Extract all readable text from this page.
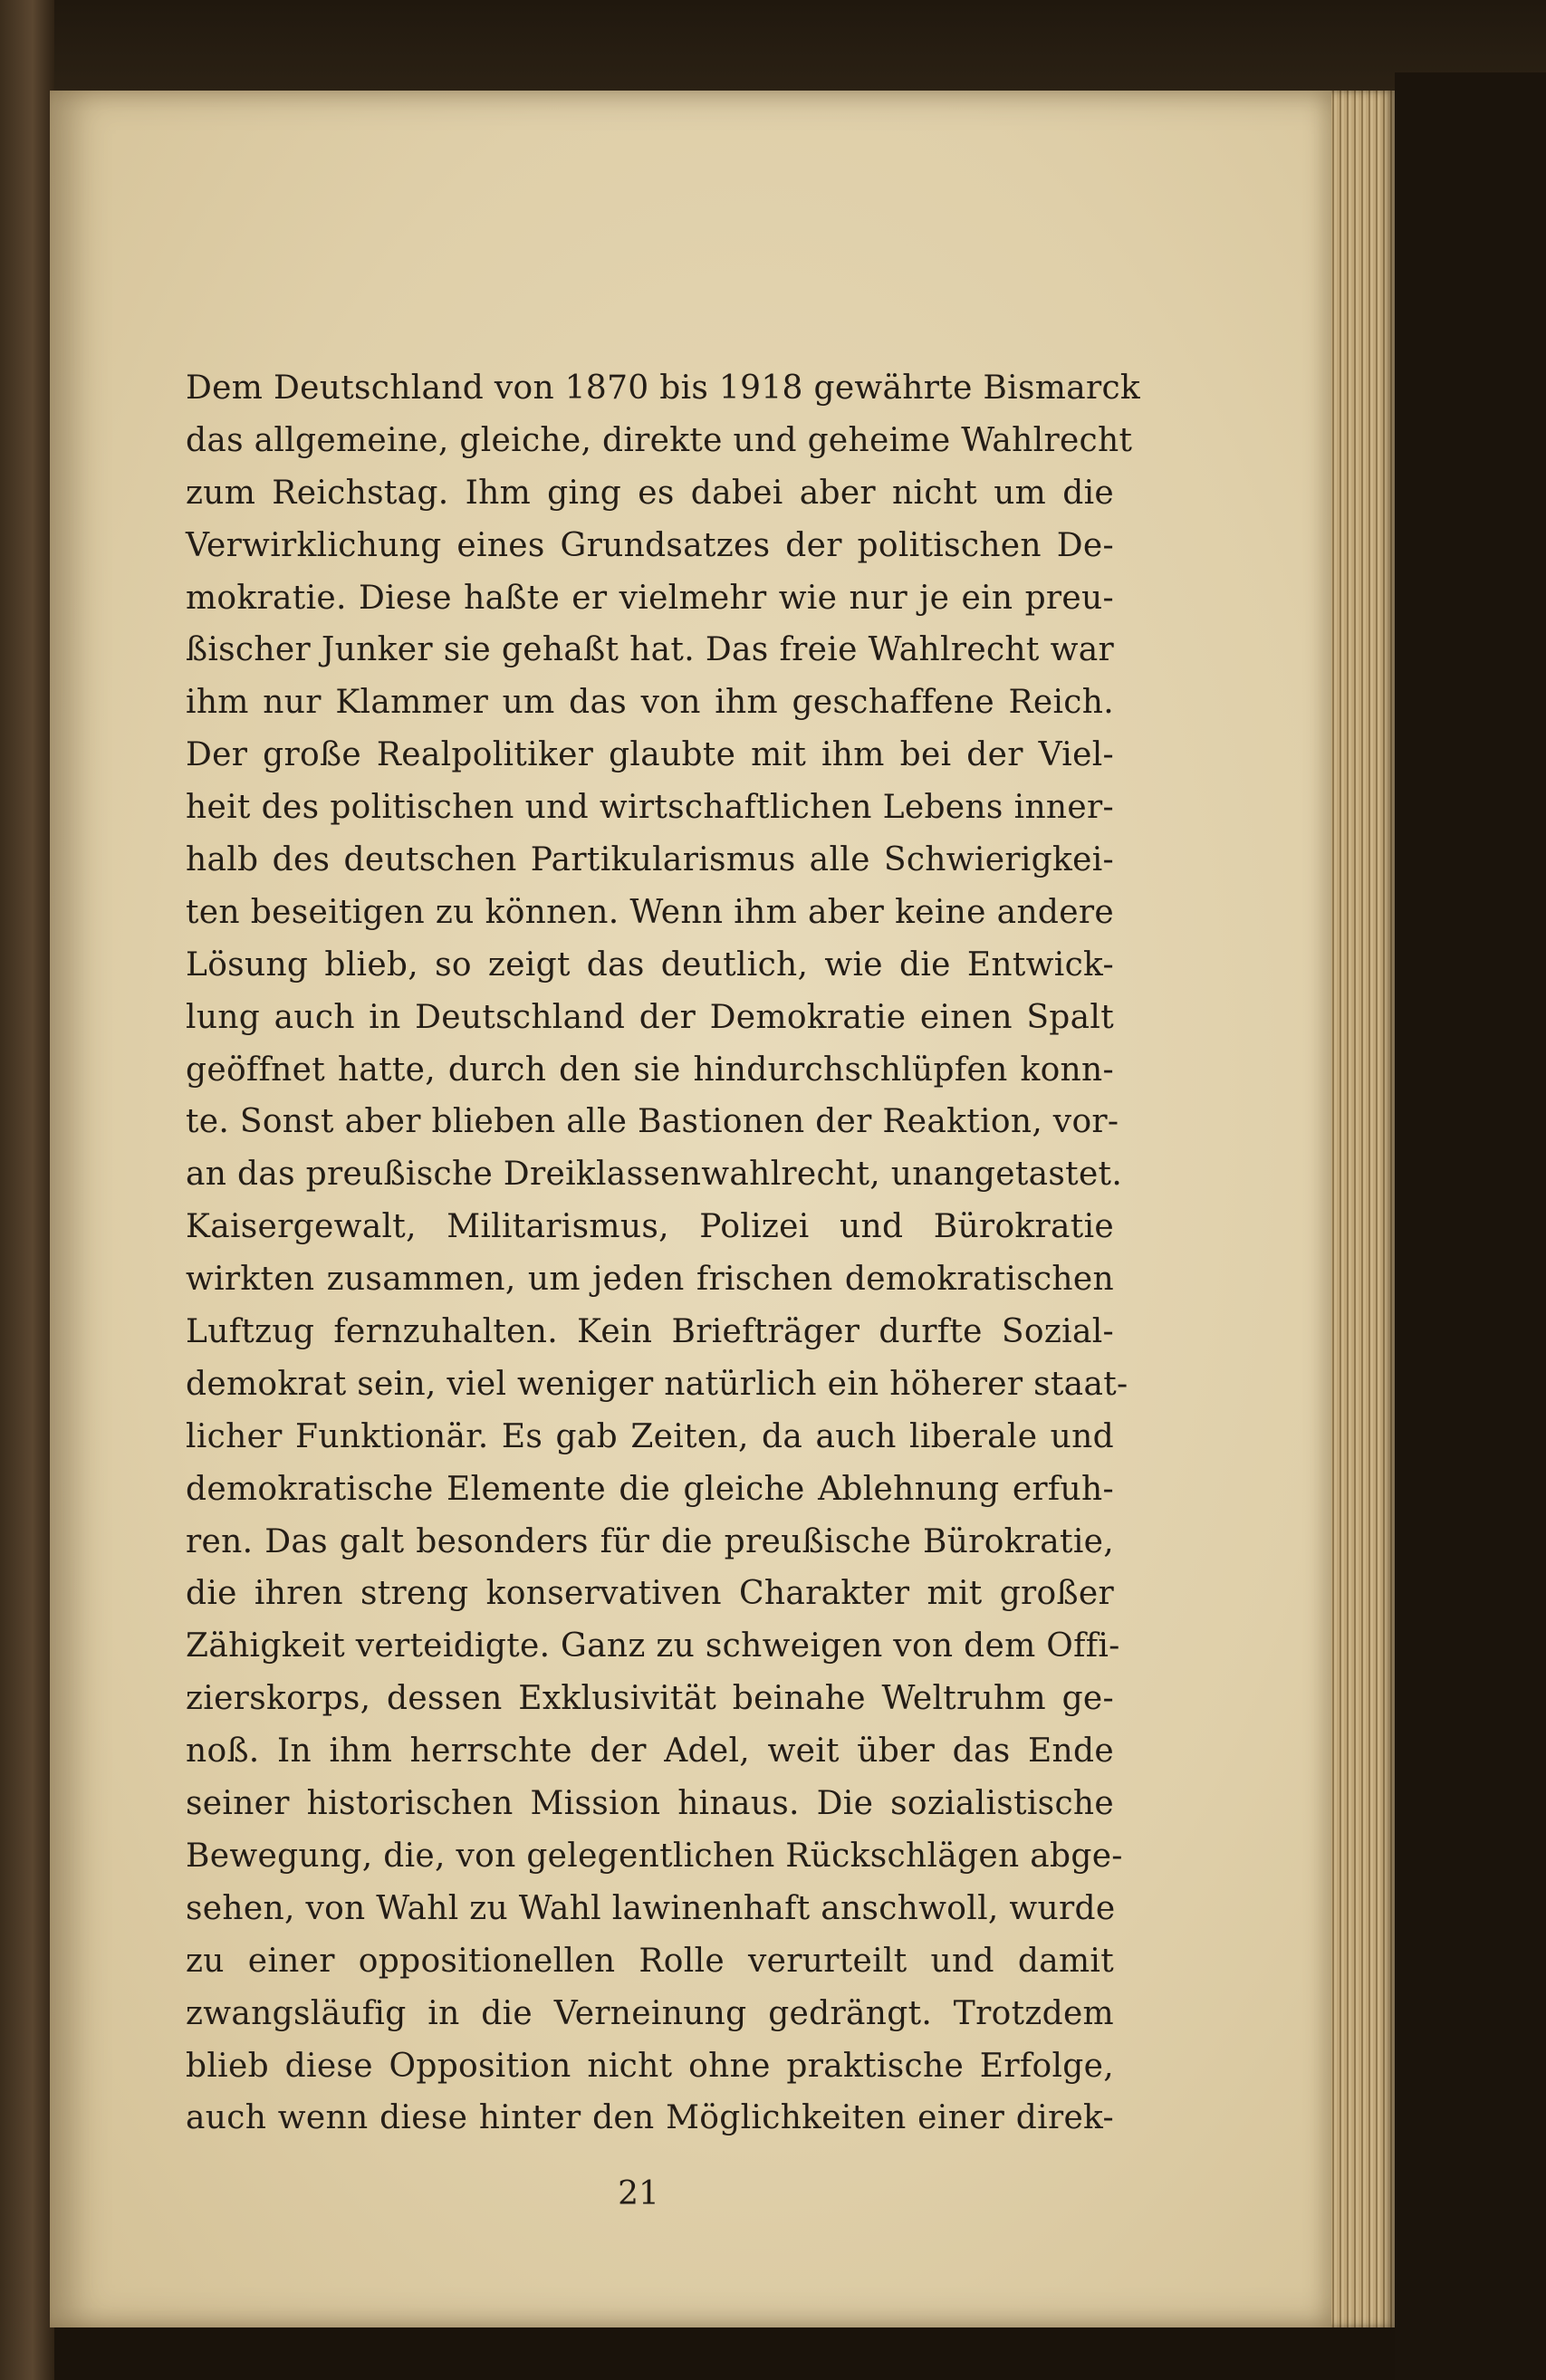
Dem Deutschland von 1870 bis 1918 gewährte Bismarck
das allgemeine, gleiche, direkte und geheime Wahlrecht
zum Reichstag. Ihm ging es dabei aber nicht um die
Verwirklichung eines Grundsatzes der politischen De-
mokratie. Diese haßte er vielmehr wie nur je ein preu-
ßischer Junker sie gehaßt hat. Das freie Wahlrecht war
ihm nur Klammer um das von ihm geschaffene Reich.
Der große Realpolitiker glaubte mit ihm bei der Viel-
heit des politischen und wirtschaftlichen Lebens inner-
halb des deutschen Partikularismus alle Schwierigkei-
ten beseitigen zu können. Wenn ihm aber keine andere
Lösung blieb, so zeigt das deutlich, wie die Entwick-
lung auch in Deutschland der Demokratie einen Spalt
geöffnet hatte, durch den sie hindurchschlüpfen konn-
te. Sonst aber blieben alle Bastionen der Reaktion, vor-
an das preußische Dreiklassenwahlrecht, unangetastet.
Kaisergewalt, Militarismus, Polizei und Bürokratie
wirkten zusammen, um jeden frischen demokratischen
Luftzug fernzuhalten. Kein Briefträger durfte Sozial-
demokrat sein, viel weniger natürlich ein höherer staat-
licher Funktionär. Es gab Zeiten, da auch liberale und
demokratische Elemente die gleiche Ablehnung erfuh-
ren. Das galt besonders für die preußische Bürokratie,
die ihren streng konservativen Charakter mit großer
Zähigkeit verteidigte. Ganz zu schweigen von dem Offi-
zierskorps, dessen Exklusivität beinahe Weltruhm ge-
noß. In ihm herrschte der Adel, weit über das Ende
seiner historischen Mission hinaus. Die sozialistische
Bewegung, die, von gelegentlichen Rückschlägen abge-
sehen, von Wahl zu Wahl lawinenhaft anschwoll, wurde
zu einer oppositionellen Rolle verurteilt und damit
zwangsläufig in die Verneinung gedrängt. Trotzdem
blieb diese Opposition nicht ohne praktische Erfolge,
auch wenn diese hinter den Möglichkeiten einer direk-
21
